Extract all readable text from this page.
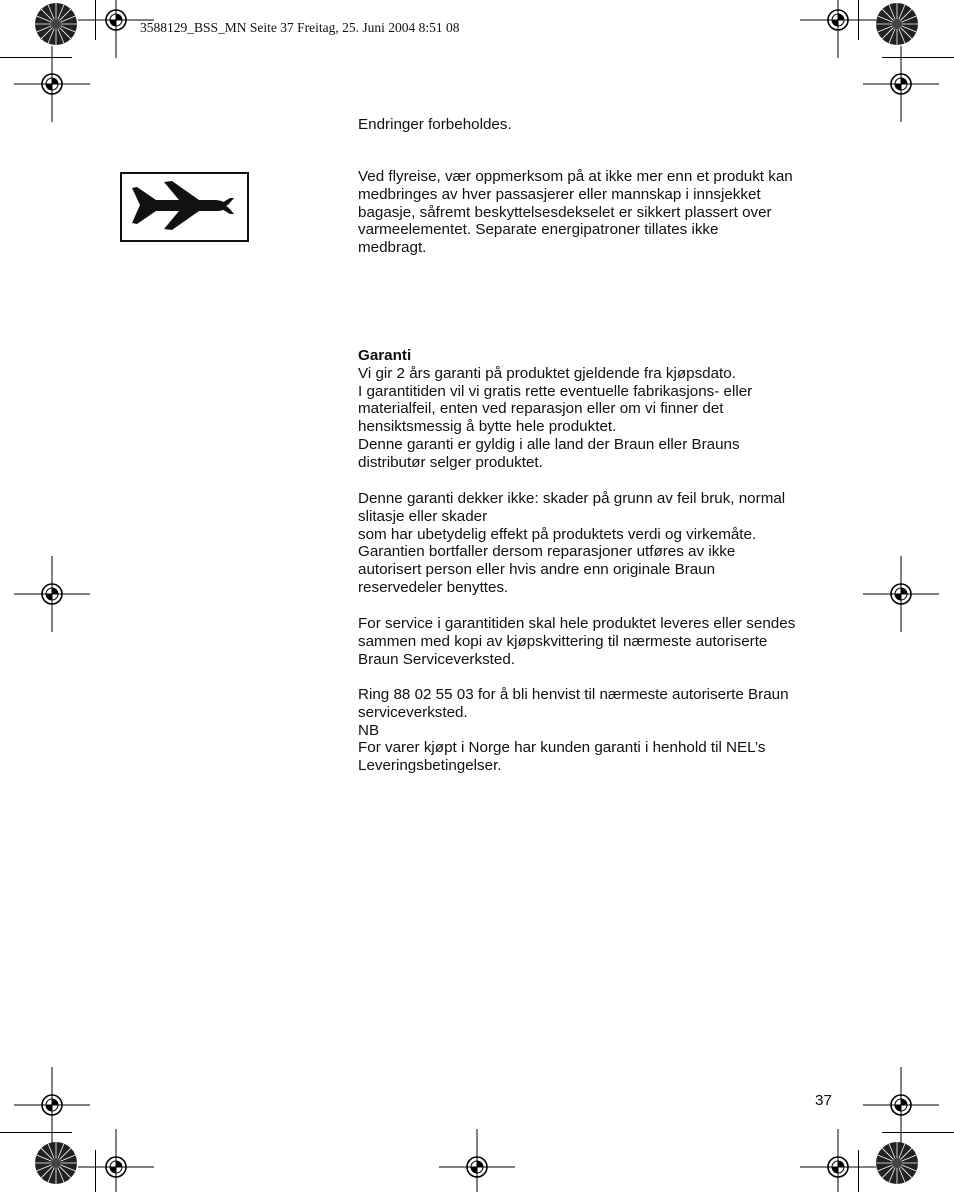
3588129_BSS_MN Seite 37 Freitag, 25. Juni 2004 8:51 08
Endringer forbeholdes.

Ved flyreise, vær oppmerksom på at ikke mer enn et produkt kan

medbringes av hver passasjerer eller mannskap i innsjekket

bagasje, såfremt beskyttelsesdekselet er sikkert plassert over

varmeelementet. Separate energipatroner tillates ikke

medbragt.

Garanti

Vi gir 2 års garanti på produktet gjeldende fra kjøpsdato.

I garantitiden vil vi gratis rette eventuelle fabrikasjons- eller

materialfeil, enten ved reparasjon eller om vi finner det

hensiktsmessig å bytte hele produktet.

Denne garanti er gyldig i alle land der Braun eller Brauns

distributør selger produktet.

Denne garanti dekker ikke: skader på grunn av feil bruk, normal

slitasje eller skader

som har ubetydelig effekt på produktets verdi og virkemåte.

Garantien bortfaller dersom reparasjoner utføres av ikke

autorisert person eller hvis andre enn originale Braun

reservedeler benyttes.

For service i garantitiden skal hele produktet leveres eller sendes

sammen med kopi av kjøpskvittering til nærmeste autoriserte

Braun Serviceverksted.

Ring 88 02 55 03 for å bli henvist til nærmeste autoriserte Braun

serviceverksted.

NB

For varer kjøpt i Norge har kunden garanti i henhold til NEL’s

Leveringsbetingelser.

37
